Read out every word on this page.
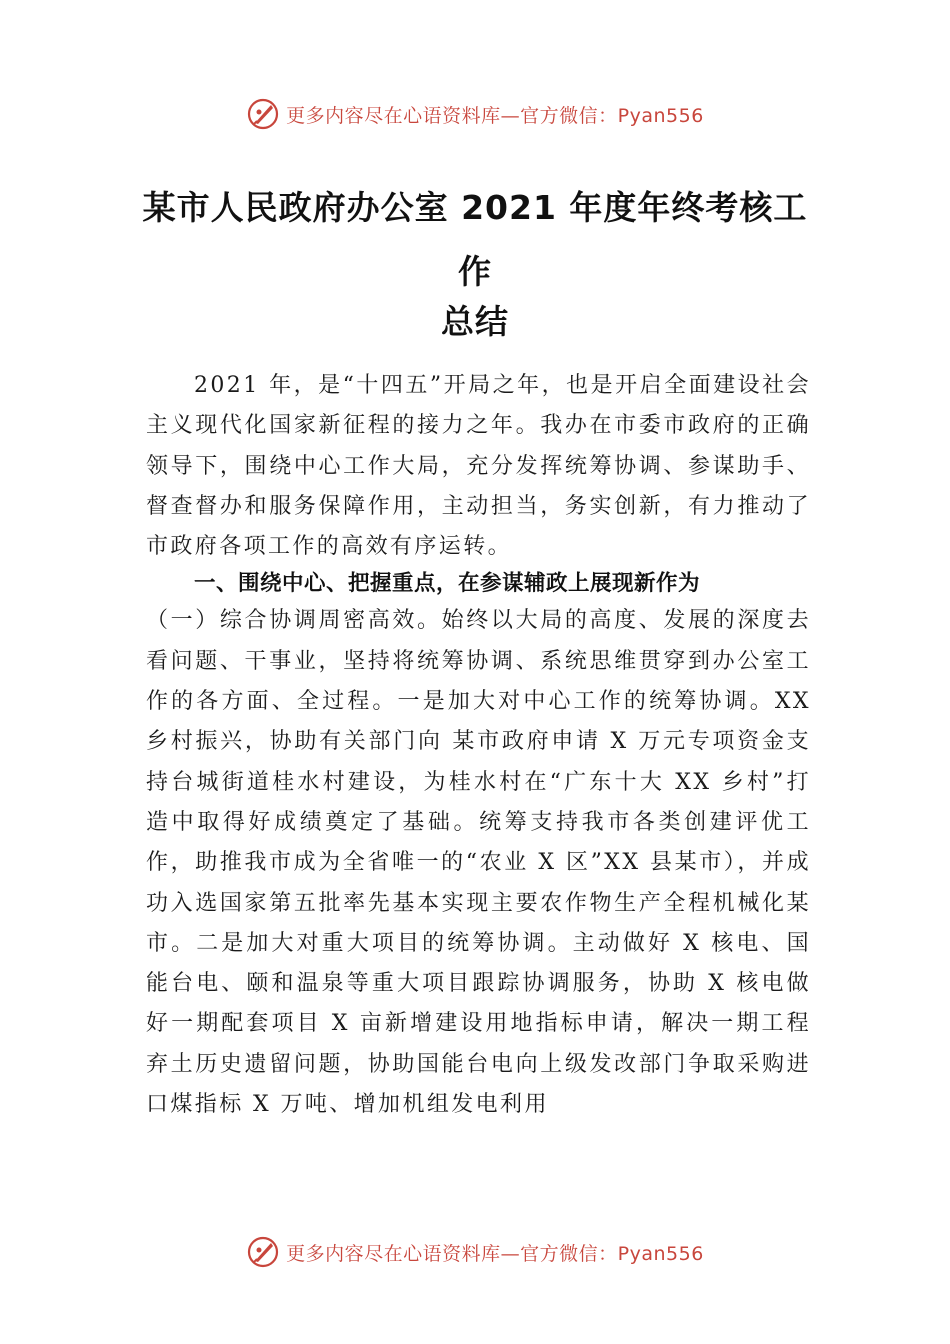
更多内容尽在心语资料库—官方微信：Pyan556
某市人民政府办公室 2021 年度年终考核工
作
总结

2021 年，是“十四五”开局之年，也是开启全面建设社会主义现代化国家新征程的接力之年。我办在市委市政府的正确领导下，围绕中心工作大局，充分发挥统筹协调、参谋助手、督查督办和服务保障作用，主动担当，务实创新，有力推动了市政府各项工作的高效有序运转。

一、围绕中心、把握重点，在参谋辅政上展现新作为

（一）综合协调周密高效。始终以大局的高度、发展的深度去看问题、干事业，坚持将统筹协调、系统思维贯穿到办公室工作的各方面、全过程。一是加大对中心工作的统筹协调。XX 乡村振兴，协助有关部门向 某市政府申请 X 万元专项资金支持台城街道桂水村建设，为桂水村在“广东十大 XX 乡村”打造中取得好成绩奠定了基础。统筹支持我市各类创建评优工作，助推我市成为全省唯一的“农业 X 区”XX 县某市），并成功入选国家第五批率先基本实现主要农作物生产全程机械化某市。二是加大对重大项目的统筹协调。主动做好 X 核电、国能台电、颐和温泉等重大项目跟踪协调服务，协助 X 核电做好一期配套项目 X 亩新增建设用地指标申请，解决一期工程弃土历史遗留问题，协助国能台电向上级发改部门争取采购进口煤指标 X 万吨、增加机组发电利用

更多内容尽在心语资料库—官方微信：Pyan556
